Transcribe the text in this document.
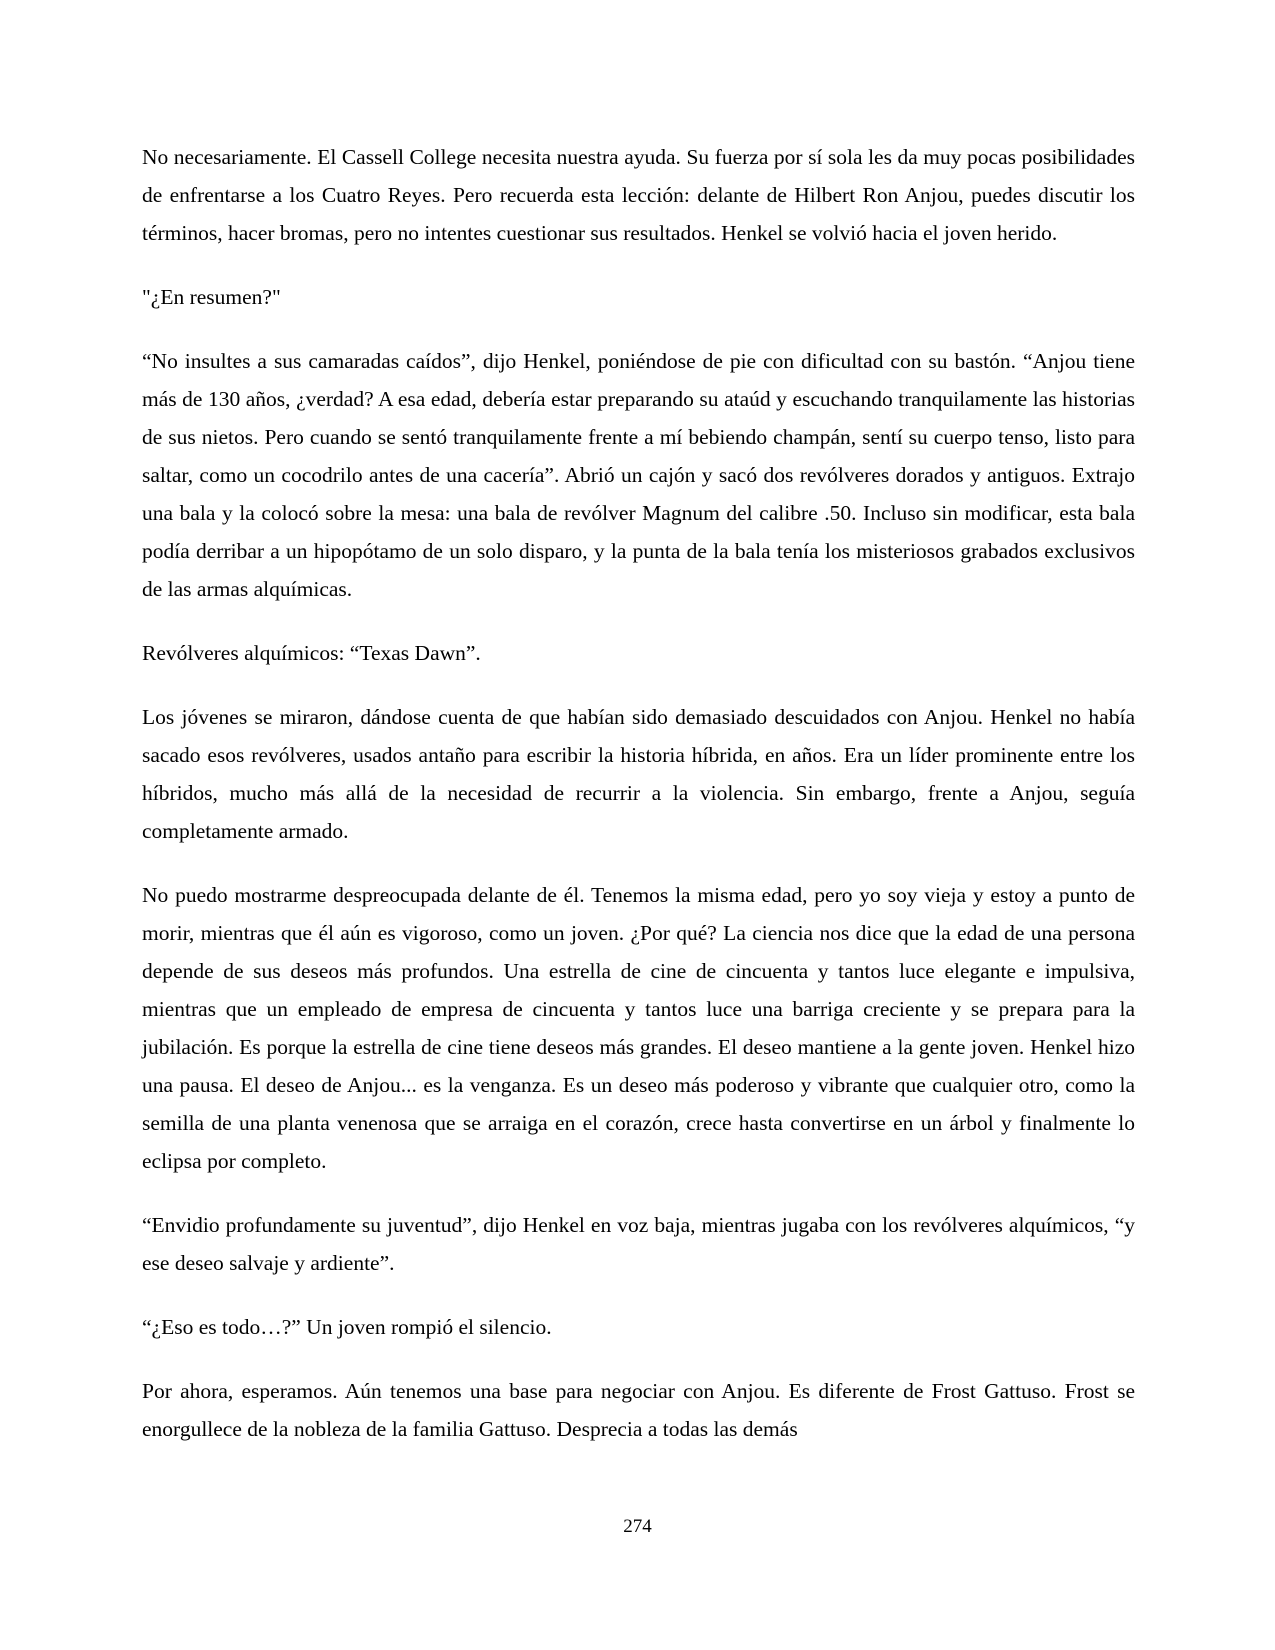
No necesariamente. El Cassell College necesita nuestra ayuda. Su fuerza por sí sola les da muy pocas posibilidades de enfrentarse a los Cuatro Reyes. Pero recuerda esta lección: delante de Hilbert Ron Anjou, puedes discutir los términos, hacer bromas, pero no intentes cuestionar sus resultados. Henkel se volvió hacia el joven herido.

"¿En resumen?"

“No insultes a sus camaradas caídos”, dijo Henkel, poniéndose de pie con dificultad con su bastón. “Anjou tiene más de 130 años, ¿verdad? A esa edad, debería estar preparando su ataúd y escuchando tranquilamente las historias de sus nietos. Pero cuando se sentó tranquilamente frente a mí bebiendo champán, sentí su cuerpo tenso, listo para saltar, como un cocodrilo antes de una cacería”. Abrió un cajón y sacó dos revólveres dorados y antiguos. Extrajo una bala y la colocó sobre la mesa: una bala de revólver Magnum del calibre .50. Incluso sin modificar, esta bala podía derribar a un hipopótamo de un solo disparo, y la punta de la bala tenía los misteriosos grabados exclusivos de las armas alquímicas.

Revólveres alquímicos: “Texas Dawn”.

Los jóvenes se miraron, dándose cuenta de que habían sido demasiado descuidados con Anjou. Henkel no había sacado esos revólveres, usados antaño para escribir la historia híbrida, en años. Era un líder prominente entre los híbridos, mucho más allá de la necesidad de recurrir a la violencia. Sin embargo, frente a Anjou, seguía completamente armado.

No puedo mostrarme despreocupada delante de él. Tenemos la misma edad, pero yo soy vieja y estoy a punto de morir, mientras que él aún es vigoroso, como un joven. ¿Por qué? La ciencia nos dice que la edad de una persona depende de sus deseos más profundos. Una estrella de cine de cincuenta y tantos luce elegante e impulsiva, mientras que un empleado de empresa de cincuenta y tantos luce una barriga creciente y se prepara para la jubilación. Es porque la estrella de cine tiene deseos más grandes. El deseo mantiene a la gente joven. Henkel hizo una pausa. El deseo de Anjou... es la venganza. Es un deseo más poderoso y vibrante que cualquier otro, como la semilla de una planta venenosa que se arraiga en el corazón, crece hasta convertirse en un árbol y finalmente lo eclipsa por completo.

“Envidio profundamente su juventud”, dijo Henkel en voz baja, mientras jugaba con los revólveres alquímicos, “y ese deseo salvaje y ardiente”.

“¿Eso es todo…?” Un joven rompió el silencio.

Por ahora, esperamos. Aún tenemos una base para negociar con Anjou. Es diferente de Frost Gattuso. Frost se enorgullece de la nobleza de la familia Gattuso. Desprecia a todas las demás

274
